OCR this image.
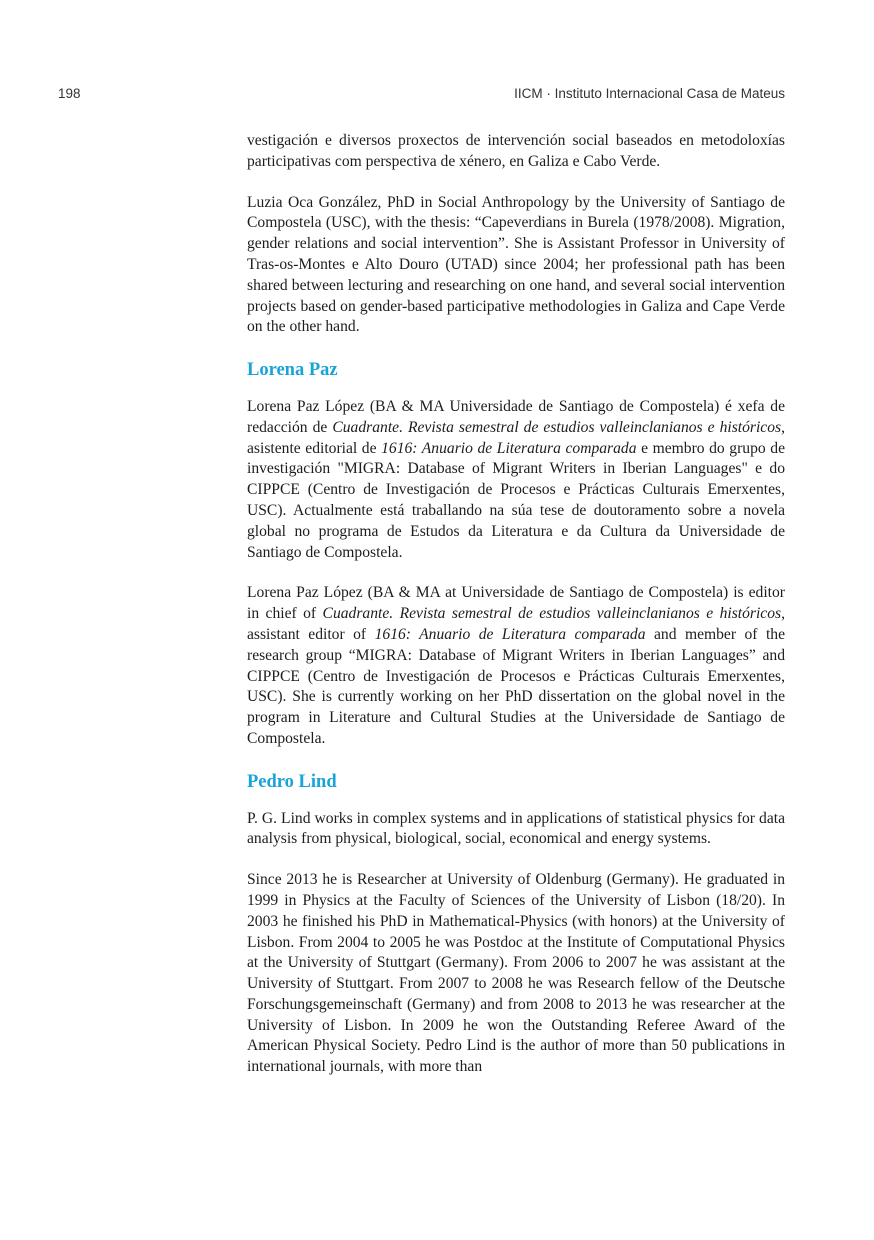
198	IICM · Instituto Internacional Casa de Mateus

vestigación e diversos proxectos de intervención social baseados en metodoloxías participativas com perspectiva de xénero, en Galiza e Cabo Verde.

Luzia Oca González, PhD in Social Anthropology by the University of Santiago de Compostela (USC), with the thesis: “Capeverdians in Burela (1978/2008). Migration, gender relations and social intervention”. She is Assistant Professor in University of Tras-os-Montes e Alto Douro (UTAD) since 2004; her professional path has been shared between lecturing and researching on one hand, and several social intervention projects based on gender-based participative methodologies in Galiza and Cape Verde on the other hand.

Lorena Paz

Lorena Paz López (BA & MA Universidade de Santiago de Compostela) é xefa de redacción de Cuadrante. Revista semestral de estudios valleinclanianos e históricos, asistente editorial de 1616: Anuario de Literatura comparada e membro do grupo de investigación "MIGRA: Database of Migrant Writers in Iberian Languages" e do CIPPCE (Centro de Investigación de Procesos e Prácticas Culturais Emerxentes, USC). Actualmente está traballando na súa tese de doutoramento sobre a novela global no programa de Estudos da Literatura e da Cultura da Universidade de Santiago de Compostela.

Lorena Paz López (BA & MA at Universidade de Santiago de Compostela) is editor in chief of Cuadrante. Revista semestral de estudios valleinclanianos e históricos, assistant editor of 1616: Anuario de Literatura comparada and member of the research group “MIGRA: Database of Migrant Writers in Iberian Languages” and CIPPCE (Centro de Investigación de Procesos e Prácticas Culturais Emerxentes, USC). She is currently working on her PhD dissertation on the global novel in the program in Literature and Cultural Studies at the Universidade de Santiago de Compostela.

Pedro Lind

P. G. Lind works in complex systems and in applications of statistical physics for data analysis from physical, biological, social, economical and energy systems.

Since 2013 he is Researcher at University of Oldenburg (Germany). He graduated in 1999 in Physics at the Faculty of Sciences of the University of Lisbon (18/20). In 2003 he finished his PhD in Mathematical-Physics (with honors) at the University of Lisbon. From 2004 to 2005 he was Postdoc at the Institute of Computational Physics at the University of Stuttgart (Germany). From 2006 to 2007 he was assistant at the University of Stuttgart. From 2007 to 2008 he was Research fellow of the Deutsche Forschungsgemeinschaft (Germany) and from 2008 to 2013 he was researcher at the University of Lisbon. In 2009 he won the Outstanding Referee Award of the American Physical Society. Pedro Lind is the author of more than 50 publications in international journals, with more than
